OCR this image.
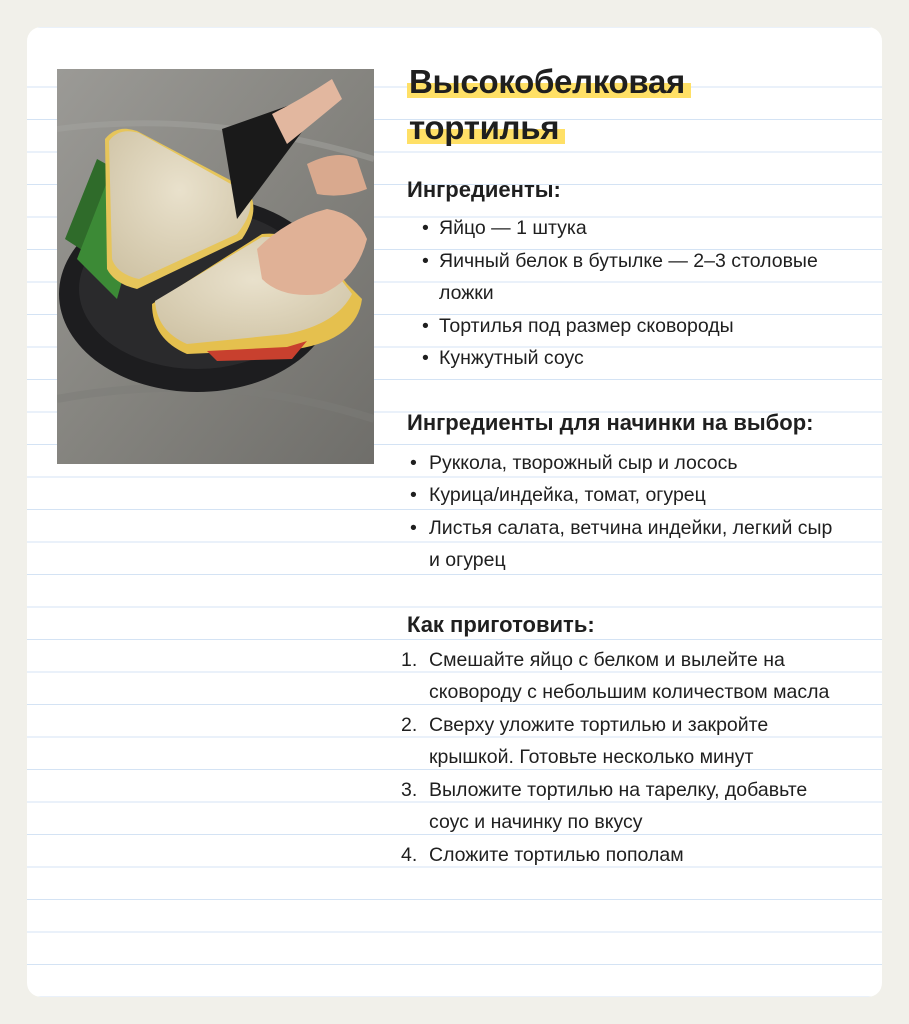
Высокобелковая
тортилья
Ингредиенты:
• Яйцо — 1 штука
• Яичный белок в бутылке — 2–3 столовые ложки
• Тортилья под размер сковороды
• Кунжутный соус
Ингредиенты для начинки на выбор:
• Руккола, творожный сыр и лосось
• Курица/индейка, томат, огурец
• Листья салата, ветчина индейки, легкий сыр и огурец
Как приготовить:
1. Смешайте яйцо с белком и вылейте на сковороду с небольшим количеством масла
2. Сверху уложите тортилью и закройте крышкой. Готовьте несколько минут
3. Выложите тортилью на тарелку, добавьте соус и начинку по вкусу
4. Сложите тортилью пополам
